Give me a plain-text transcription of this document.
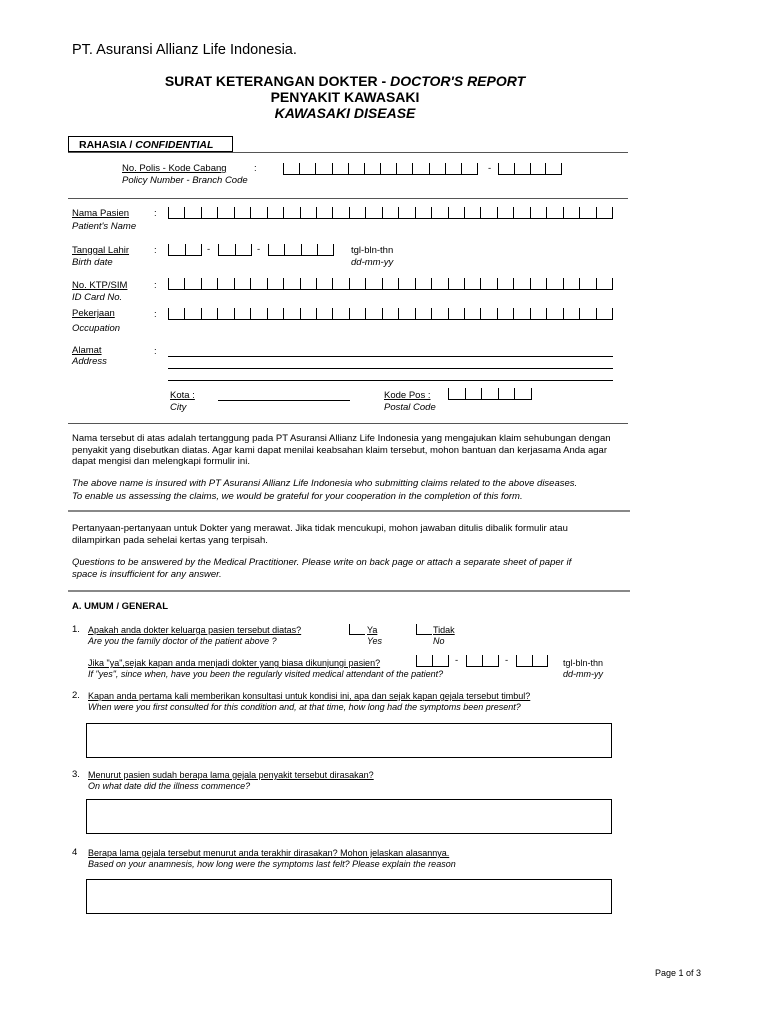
PT. Asuransi Allianz Life Indonesia.
SURAT KETERANGAN DOKTER - DOCTOR'S REPORT
PENYAKIT KAWASAKI
KAWASAKI DISEASE
RAHASIA / CONFIDENTIAL
No. Polis - Kode Cabang
Policy Number - Branch Code
:	-
Nama Pasien
Patient's Name
:
Tanggal Lahir
Birth date
:	-	-	tgl-bln-thn
dd-mm-yy
No. KTP/SIM
ID Card No.
:
Pekerjaan
Occupation
:
Alamat
Address
:
Kota :
City
Kode Pos :
Postal Code
Nama tersebut di atas adalah tertanggung pada PT Asuransi Allianz Life Indonesia yang mengajukan klaim sehubungan dengan penyakit yang disebutkan diatas. Agar kami dapat menilai keabsahan klaim tersebut, mohon bantuan dan kerjasama Anda agar dapat mengisi dan melengkapi formulir ini.
The above name is insured with PT Asuransi Allianz Life Indonesia who submitting claims related to the above diseases.
To enable us assessing the claims, we would be grateful for your cooperation in the completion of this form.
Pertanyaan-pertanyaan untuk Dokter yang merawat. Jika tidak mencukupi, mohon jawaban ditulis dibalik formulir atau dilampirkan pada sehelai kertas yang terpisah.
Questions to be answered by the Medical Practitioner. Please write on back page or attach a separate sheet of paper if space is insufficient for any answer.
A. UMUM / GENERAL
1. Apakah anda dokter keluarga pasien tersebut diatas?
Are you the family doctor of the patient above ?
Ya
Yes
Tidak
No
Jika "ya",sejak kapan anda menjadi dokter yang biasa dikunjungi pasien?
If "yes", since when, have you been the regularly visited medical attendant of the patient?
-	-	tgl-bln-thn
dd-mm-yy
2. Kapan anda pertama kali memberikan konsultasi untuk kondisi ini, apa dan sejak kapan gejala tersebut timbul?
When were you first consulted for this condition and, at that time, how long had the symptoms been present?
3. Menurut pasien sudah berapa lama gejala penyakit tersebut dirasakan?
On what date did the illness commence?
4 Berapa lama gejala tersebut menurut anda terakhir dirasakan? Mohon jelaskan alasannya.
Based on your anamnesis, how long were the symptoms last felt? Please explain the reason
Page 1 of 3
